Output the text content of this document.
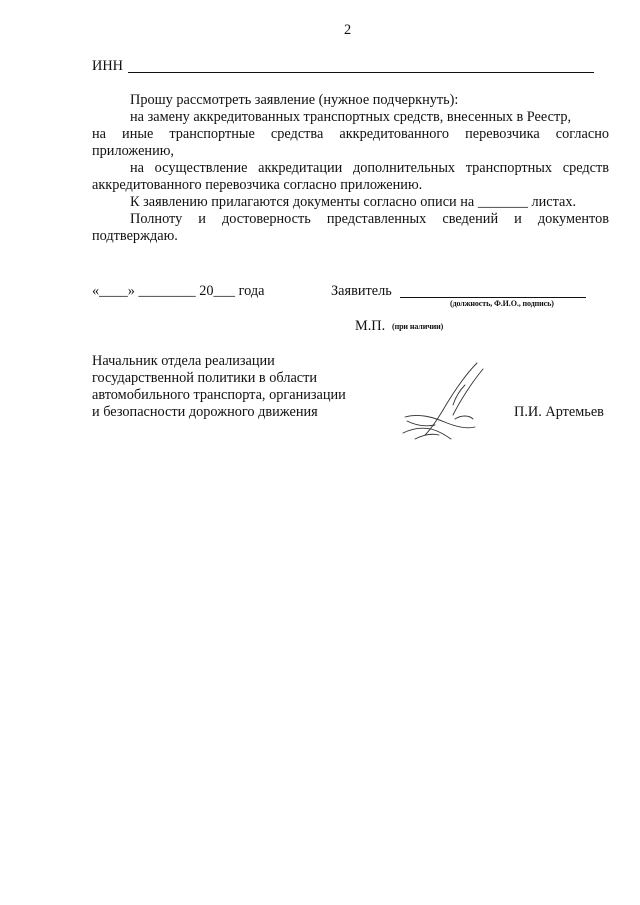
2
ИНН
Прошу рассмотреть заявление (нужное подчеркнуть):
на замену аккредитованных транспортных средств, внесенных в Реестр,
на иные транспортные средства аккредитованного перевозчика согласно приложению,
на осуществление аккредитации дополнительных транспортных средств аккредитованного перевозчика согласно приложению.
К заявлению прилагаются документы согласно описи на _______ листах.
Полноту и достоверность представленных сведений и документов подтверждаю.
«____» ________ 20___ года	Заявитель
(должность, Ф.И.О., подпись)
М.П. (при наличии)
Начальник отдела реализации
государственной политики в области
автомобильного транспорта, организации
и безопасности дорожного движения	П.И. Артемьев
